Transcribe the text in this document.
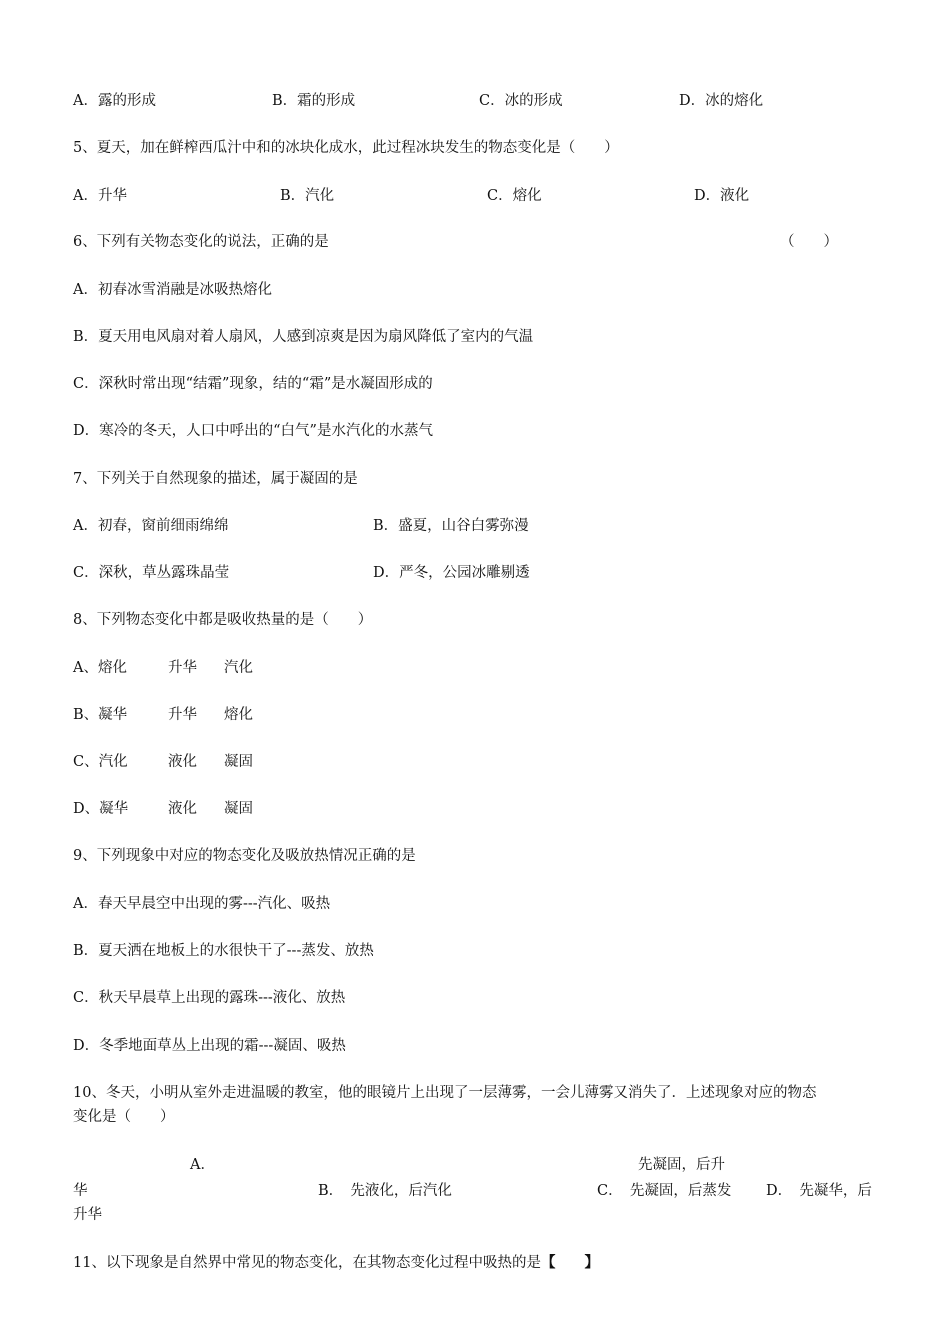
A．露的形成	B．霜的形成	C．冰的形成	D．冰的熔化
5、夏天，加在鲜榨西瓜汁中和的冰块化成水，此过程冰块发生的物态变化是（　　）
A．升华	B．汽化	C．熔化	D．液化
6、下列有关物态变化的说法，正确的是	（　　）
A．初春冰雪消融是冰吸热熔化
B．夏天用电风扇对着人扇风，人感到凉爽是因为扇风降低了室内的气温
C．深秋时常出现“结霜”现象，结的“霜”是水凝固形成的
D．寒冷的冬天，人口中呼出的“白气”是水汽化的水蒸气
7、下列关于自然现象的描述，属于凝固的是
A．初春，窗前细雨绵绵	B．盛夏，山谷白雾弥漫
C．深秋，草丛露珠晶莹	D．严冬，公园冰雕剔透
8、下列物态变化中都是吸收热量的是（　　）
A、熔化	升华 汽化
B、凝华	升华 熔化
C、汽化	液化 凝固
D、凝华	液化 凝固
9、下列现象中对应的物态变化及吸放热情况正确的是
A．春天早晨空中出现的雾---汽化、吸热
B．夏天洒在地板上的水很快干了---蒸发、放热
C．秋天早晨草上出现的露珠---液化、放热
D．冬季地面草丛上出现的霜---凝固、吸热
10、冬天，小明从室外走进温暖的教室，他的眼镜片上出现了一层薄雾，一会儿薄雾又消失了．上述现象对应的物态
变化是（　　）
A．	先凝固，后升
华	B．　先液化，后汽化	C．　先凝固，后蒸发 D．　先凝华，后
升华
11、以下现象是自然界中常见的物态变化，在其物态变化过程中吸热的是【　　】
